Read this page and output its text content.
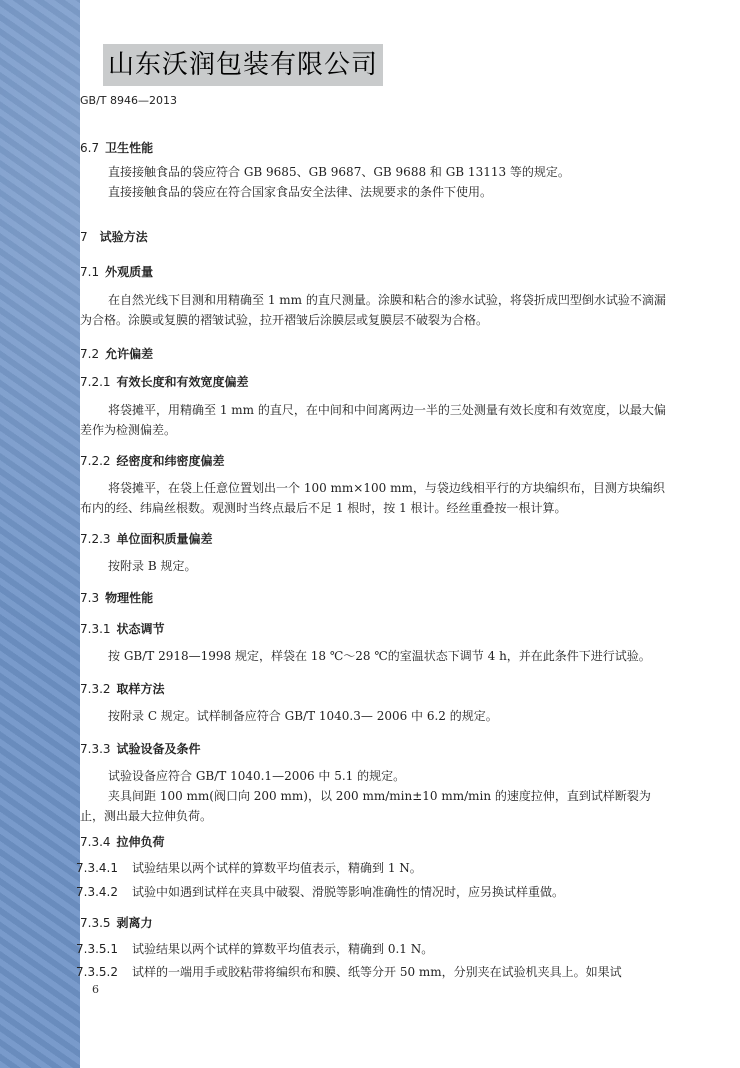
山东沃润包装有限公司
GB/T 8946—2013
6.7 卫生性能
直接接触食品的袋应符合 GB 9685、GB 9687、GB 9688 和 GB 13113 等的规定。
直接接触食品的袋应在符合国家食品安全法律、法规要求的条件下使用。
7 试验方法
7.1 外观质量
在自然光线下目测和用精确至 1 mm 的直尺测量。涂膜和粘合的渗水试验，将袋折成凹型倒水试验不滴漏为合格。涂膜或复膜的褶皱试验，拉开褶皱后涂膜层或复膜层不破裂为合格。
7.2 允许偏差
7.2.1 有效长度和有效宽度偏差
将袋摊平，用精确至 1 mm 的直尺，在中间和中间离两边一半的三处测量有效长度和有效宽度，以最大偏差作为检测偏差。
7.2.2 经密度和纬密度偏差
将袋摊平，在袋上任意位置划出一个 100 mm×100 mm，与袋边线相平行的方块编织布，目测方块编织布内的经、纬扁丝根数。观测时当终点最后不足 1 根时，按 1 根计。经丝重叠按一根计算。
7.2.3 单位面积质量偏差
按附录 B 规定。
7.3 物理性能
7.3.1 状态调节
按 GB/T 2918—1998 规定，样袋在 18 ℃～28 ℃的室温状态下调节 4 h，并在此条件下进行试验。
7.3.2 取样方法
按附录 C 规定。试样制备应符合 GB/T 1040.3— 2006 中 6.2 的规定。
7.3.3 试验设备及条件
试验设备应符合 GB/T 1040.1—2006 中 5.1 的规定。
夹具间距 100 mm(阀口向 200 mm)，以 200 mm/min±10 mm/min 的速度拉伸，直到试样断裂为止，测出最大拉伸负荷。
7.3.4 拉伸负荷
7.3.4.1 试验结果以两个试样的算数平均值表示，精确到 1 N。
7.3.4.2 试验中如遇到试样在夹具中破裂、滑脱等影响准确性的情况时，应另换试样重做。
7.3.5 剥离力
7.3.5.1 试验结果以两个试样的算数平均值表示，精确到 0.1 N。
7.3.5.2 试样的一端用手或胶粘带将编织布和膜、纸等分开 50 mm，分别夹在试验机夹具上。如果试
6
